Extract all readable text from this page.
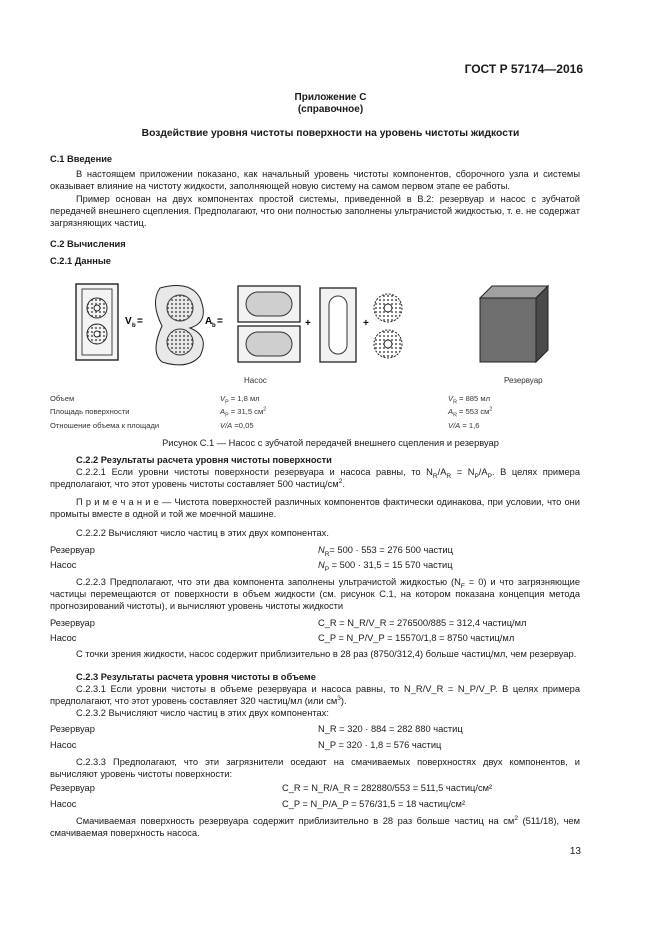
ГОСТ Р 57174—2016
Приложение С
(справочное)
Воздействие уровня чистоты поверхности на уровень чистоты жидкости
С.1 Введение
В настоящем приложении показано, как начальный уровень чистоты компонентов, сборочного узла и системы оказывает влияние на чистоту жидкости, заполняющей новую систему на самом первом этапе ее работы.
Пример основан на двух компонентах простой системы, приведенной в В.2: резервуар и насос с зубчатой передачей внешнего сцепления. Предполагают, что они полностью заполнены ультрачистой жидкостью, т. е. не содержат загрязняющих частиц.
С.2 Вычисления
С.2.1 Данные
V b =	A b =	+	+
Насос	Резервуар
Объем	$V_P = 1,8$ мл	$V_R = 885$ мл
Площадь поверхности	$A_P = 31,5$ $см^2$	$A_R = 553$ $см^2$
Отношение объема к площади	V/A =0,05	V/A = 1,6
Рисунок С.1 — Насос с зубчатой передачей внешнего сцепления и резервуар
С.2.2 Результаты расчета уровня чистоты поверхности
С.2.2.1 Если уровни чистоты поверхности резервуара и насоса равны, то $N_R/A_R = N_P/A_P$. В целях примера предполагают, что этот уровень чистоты составляет 500 частиц/$см^2$.
П р и м е ч а н и е — Чистота поверхностей различных компонентов фактически одинакова, при условии, что они промыты вместе в одной и той же моечной машине.
С.2.2.2 Вычисляют число частиц в этих двух компонентах.
Резервуар	$N_R= 500 \cdot 553 = 276$ 500 частиц
Насос	$N_P = 500 \cdot 31,5 = 15$ 570 частиц
С.2.2.3 Предполагают, что эти два компонента заполнены ультрачистой жидкостью $(N_F = 0)$ и что загрязняющие частицы перемещаются от поверхности в объем жидкости (см. рисунок С.1, на котором показана концепция метода прогнозирований чистоты), и вычисляют уровень чистоты жидкости
Резервуар	C_R = N_R/V_R = 276500/885 = 312,4 частиц/мл
Насос	C_P = N_P/V_P = 15570/1,8 = 8750 частиц/мл
С точки зрения жидкости, насос содержит приблизительно в 28 раз (8750/312,4) больше частиц/мл, чем резервуар.
С.2.3 Результаты расчета уровня чистоты в объеме
С.2.3.1 Если уровни чистоты в объеме резервуара и насоса равны, то N_R/V_R = N_P/V_P. В целях примера предполагают, что этот уровень составляет 320 частиц/мл (или $см^3$).
С.2.3.2 Вычисляют число частиц в этих двух компонентах:
Резервуар	N_R = 320 · 884 = 282 880 частиц
Насос	N_P = 320 · 1,8 = 576 частиц
С.2.3.3 Предполагают, что эти загрязнители оседают на смачиваемых поверхностях двух компонентов, и вычисляют уровень чистоты поверхности:
Резервуар	C_R = N_R/A_R = 282880/553 = 511,5 частиц/см²
Насос	C_P = N_P/A_P = 576/31,5 = 18 частиц/см²
Смачиваемая поверхность резервуара содержит приблизительно в 28 раз больше частиц на $см^2$ (511/18), чем смачиваемая поверхность насоса.
13
